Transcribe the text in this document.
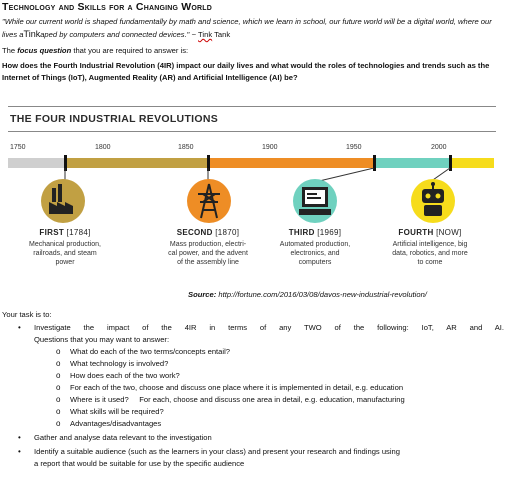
Technology and Skills for a Changing World
"While our current world is shaped fundamentally by math and science, which we learn in school, our future world will be a digital world, where our lives aTinkaped by computers and connected devices." ~ Tink Tank
The focus question that you are required to answer is:
How does the Fourth Industrial Revolution (4IR) impact our daily lives and what would the roles of technologies and trends such as the Internet of Things (IoT), Augmented Reality (AR) and Artificial Intelligence (AI) be?
THE FOUR INDUSTRIAL REVOLUTIONS
1750	1800	1850	1900	1950	2000
FIRST [1784]	SECOND [1870]	THIRD [1969]	FOURTH [NOW]
Mechanical production,
railroads, and steam
power
Mass production, electri-
cal power, and the advent
of the assembly line
Automated production,
electronics, and
computers
Artificial intelligence, big
data, robotics, and more
to come
Source: http://fortune.com/2016/03/08/davos-new-industrial-revolution/
Your task is to:
• Investigate the impact of the 4IR in terms of any TWO of the following: IoT, AR and AI.
Questions that you may want to answer:
o What do each of the two terms/concepts entail?
o What technology is involved?
o How does each of the two work?
o For each of the two, choose and discuss one place where it is implemented in detail, e.g. education
o Where is it used?     For each, choose and discuss one area in detail, e.g. education, manufacturing
o What skills will be required?
o Advantages/disadvantages
• Gather and analyse data relevant to the investigation
• Identify a suitable audience (such as the learners in your class) and present your research and findings using
a report that would be suitable for use by the specific audience
